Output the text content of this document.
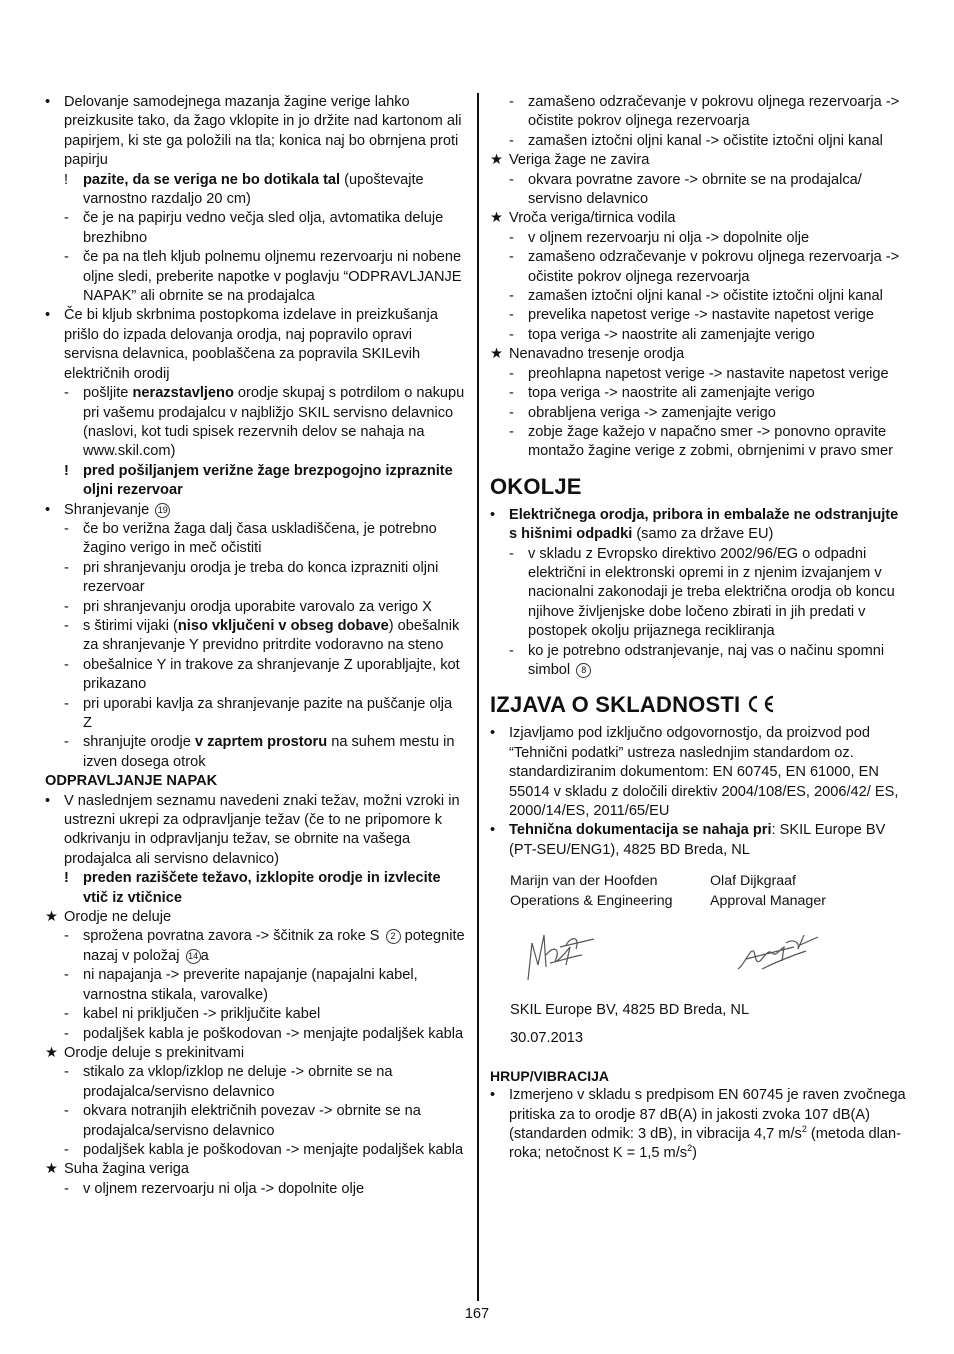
• Delovanje samodejnega mazanja žagine verige lahko preizkusite tako, da žago vklopite in jo držite nad kartonom ali papirjem, ki ste ga položili na tla; konica naj bo obrnjena proti papirju
!	pazite, da se veriga ne bo dotikala tal (upoštevajte varnostno razdaljo 20 cm)
- če je na papirju vedno večja sled olja, avtomatika deluje brezhibno
- če pa na tleh kljub polnemu oljnemu rezervoarju ni nobene oljne sledi, preberite napotke v poglavju “ODPRAVLJANJE NAPAK” ali obrnite se na prodajalca
• Če bi kljub skrbnima postopkoma izdelave in preizkušanja prišlo do izpada delovanja orodja, naj popravilo opravi servisna delavnica, pooblaščena za popravila SKILevih električnih orodij
- pošljite nerazstavljeno orodje skupaj s potrdilom o nakupu pri vašemu prodajalcu v najbližjo SKIL servisno delavnico (naslovi, kot tudi spisek rezervnih delov se nahaja na www.skil.com)
! pred pošiljanjem verižne žage brezpogojno izpraznite oljni rezervoar
• Shranjevanje 19
- če bo verižna žaga dalj časa uskladiščena, je potrebno žagino verigo in meč očistiti
- pri shranjevanju orodja je treba do konca izprazniti oljni rezervoar
- pri shranjevanju orodja uporabite varovalo za verigo X
- s štirimi vijaki (niso vključeni v obseg dobave) obešalnik za shranjevanje Y previdno pritrdite vodoravno na steno
- obešalnice Y in trakove za shranjevanje Z uporabljajte, kot prikazano
- pri uporabi kavlja za shranjevanje pazite na puščanje olja Z
- shranjujte orodje v zaprtem prostoru na suhem mestu in izven dosega otrok
ODPRAVLJANJE NAPAK
• V naslednjem seznamu navedeni znaki težav, možni vzroki in ustrezni ukrepi za odpravljanje težav (če to ne pripomore k odkrivanju in odpravljanju težav, se obrnite na vašega prodajalca ali servisno delavnico)
! preden raziščete težavo, izklopite orodje in izvlecite vtič iz vtičnice
★ Orodje ne deluje
- sprožena povratna zavora -> ščitnik za roke S 2 potegnite nazaj v položaj 14 a
- ni napajanja -> preverite napajanje (napajalni kabel, varnostna stikala, varovalke)
- kabel ni priključen -> priključite kabel
- podaljšek kabla je poškodovan -> menjajte podaljšek kabla
★ Orodje deluje s prekinitvami
- stikalo za vklop/izklop ne deluje -> obrnite se na prodajalca/servisno delavnico
- okvara notranjih električnih povezav -> obrnite se na prodajalca/servisno delavnico
- podaljšek kabla je poškodovan -> menjajte podaljšek kabla
★ Suha žagina veriga
- v oljnem rezervoarju ni olja -> dopolnite olje
- zamašeno odzračevanje v pokrovu oljnega rezervoarja -> očistite pokrov oljnega rezervoarja
- zamašen iztočni oljni kanal -> očistite iztočni oljni kanal
★ Veriga žage ne zavira
- okvara povratne zavore -> obrnite se na prodajalca/ servisno delavnico
★ Vroča veriga/tirnica vodila
- v oljnem rezervoarju ni olja -> dopolnite olje
- zamašeno odzračevanje v pokrovu oljnega rezervoarja -> očistite pokrov oljnega rezervoarja
- zamašen iztočni oljni kanal -> očistite iztočni oljni kanal
- prevelika napetost verige -> nastavite napetost verige
- topa veriga -> naostrite ali zamenjajte verigo
★ Nenavadno tresenje orodja
- preohlapna napetost verige -> nastavite napetost verige
- topa veriga -> naostrite ali zamenjajte verigo
- obrabljena veriga -> zamenjajte verigo
- zobje žage kažejo v napačno smer -> ponovno opravite montažo žagine verige z zobmi, obrnjenimi v pravo smer
OKOLJE
• Električnega orodja, pribora in embalaže ne odstranjujte s hišnimi odpadki (samo za države EU)
- v skladu z Evropsko direktivo 2002/96/EG o odpadni električni in elektronski opremi in z njenim izvajanjem v nacionalni zakonodaji je treba električna orodja ob koncu njihove življenjske dobe ločeno zbirati in jih predati v postopek okolju prijaznega recikliranja
- ko je potrebno odstranjevanje, naj vas o načinu spomni simbol 8
IZJAVA O SKLADNOSTI
• Izjavljamo pod izključno odgovornostjo, da proizvod pod “Tehnični podatki” ustreza naslednjim standardom oz. standardiziranim dokumentom: EN 60745, EN 61000, EN 55014 v skladu z določili direktiv 2004/108/ES, 2006/42/ ES, 2000/14/ES, 2011/65/EU
• Tehnična dokumentacija se nahaja pri: SKIL Europe BV (PT-SEU/ENG1), 4825 BD Breda, NL
Marijn van der Hoofden
Operations & Engineering
Olaf Dijkgraaf
Approval Manager
SKIL Europe BV, 4825 BD Breda, NL
30.07.2013
HRUP/VIBRACIJA
• Izmerjeno v skladu s predpisom EN 60745 je raven zvočnega pritiska za to orodje 87 dB(A) in jakosti zvoka 107 dB(A) (standarden odmik: 3 dB), in vibracija 4,7 $m/s^2$ (metoda dlan-roka; netočnost K = 1,5 $m/s^2$)
167
